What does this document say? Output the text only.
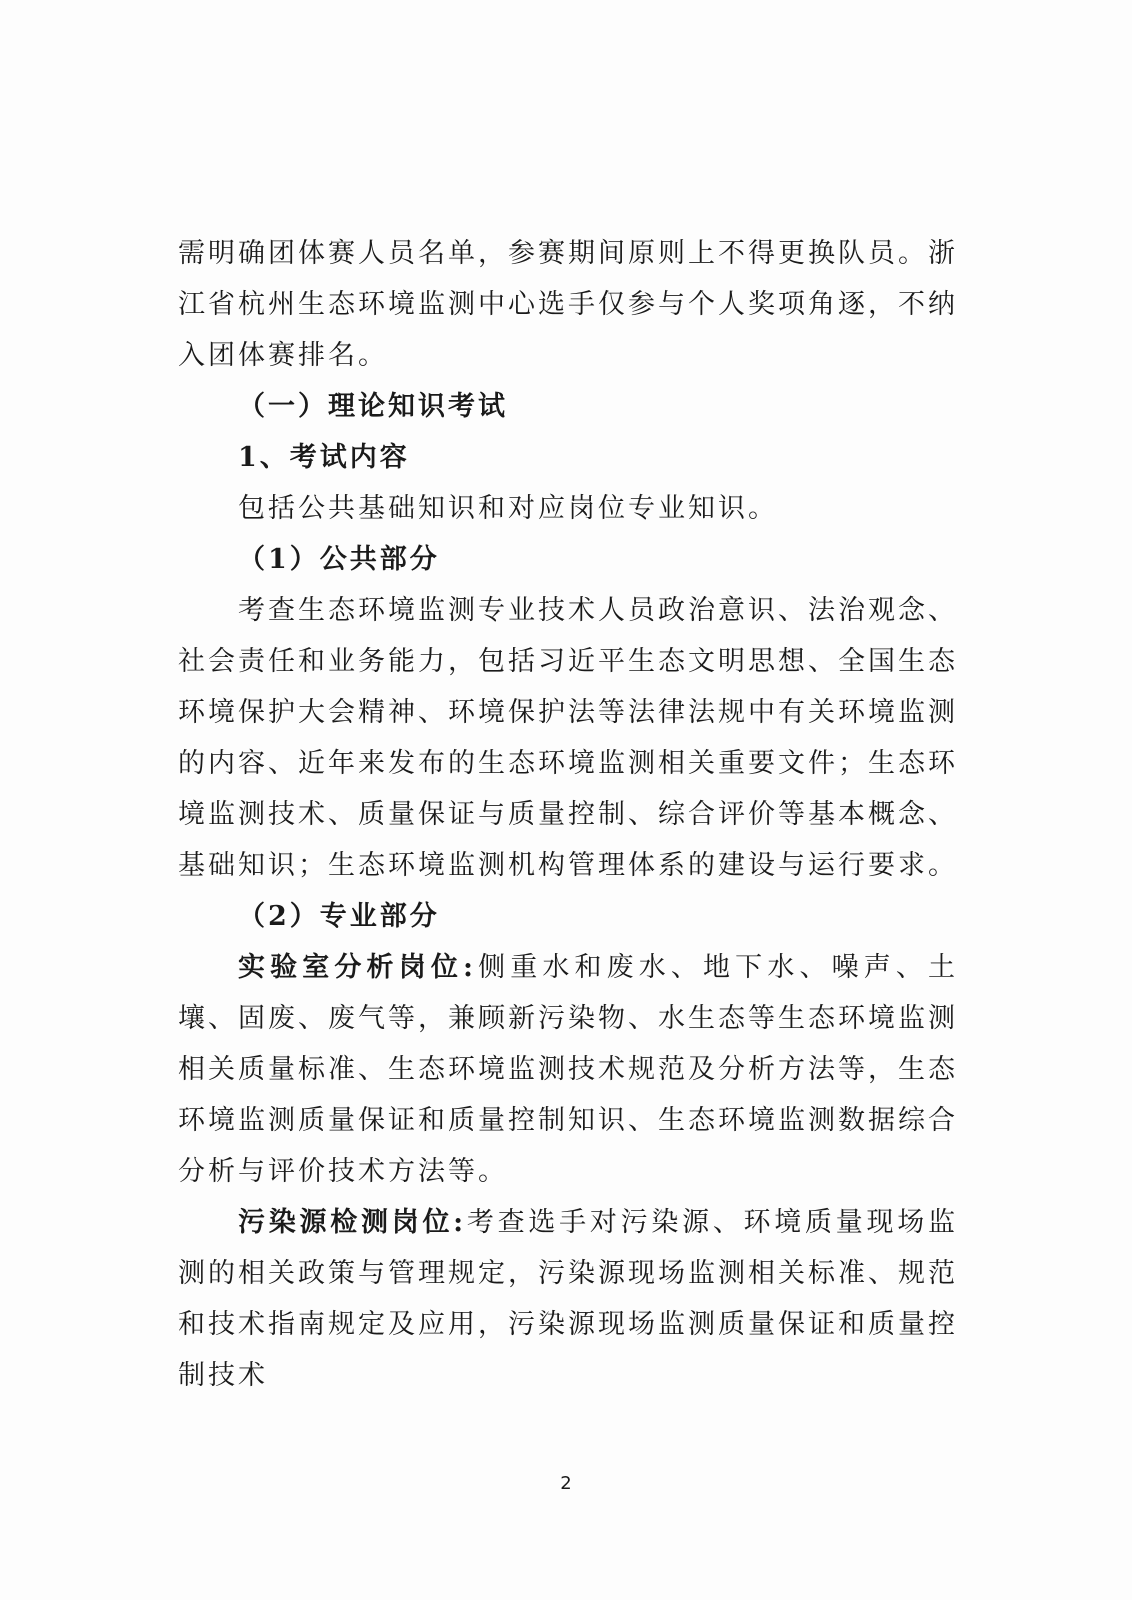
需明确团体赛人员名单，参赛期间原则上不得更换队员。浙江省杭州生态环境监测中心选手仅参与个人奖项角逐，不纳入团体赛排名。

（一）理论知识考试

1、考试内容

包括公共基础知识和对应岗位专业知识。

（1）公共部分

考查生态环境监测专业技术人员政治意识、法治观念、社会责任和业务能力，包括习近平生态文明思想、全国生态环境保护大会精神、环境保护法等法律法规中有关环境监测的内容、近年来发布的生态环境监测相关重要文件；生态环境监测技术、质量保证与质量控制、综合评价等基本概念、基础知识；生态环境监测机构管理体系的建设与运行要求。

（2）专业部分

实验室分析岗位:侧重水和废水、地下水、噪声、土壤、固废、废气等，兼顾新污染物、水生态等生态环境监测相关质量标准、生态环境监测技术规范及分析方法等，生态环境监测质量保证和质量控制知识、生态环境监测数据综合分析与评价技术方法等。

污染源检测岗位:考查选手对污染源、环境质量现场监测的相关政策与管理规定，污染源现场监测相关标准、规范和技术指南规定及应用，污染源现场监测质量保证和质量控制技术

2
